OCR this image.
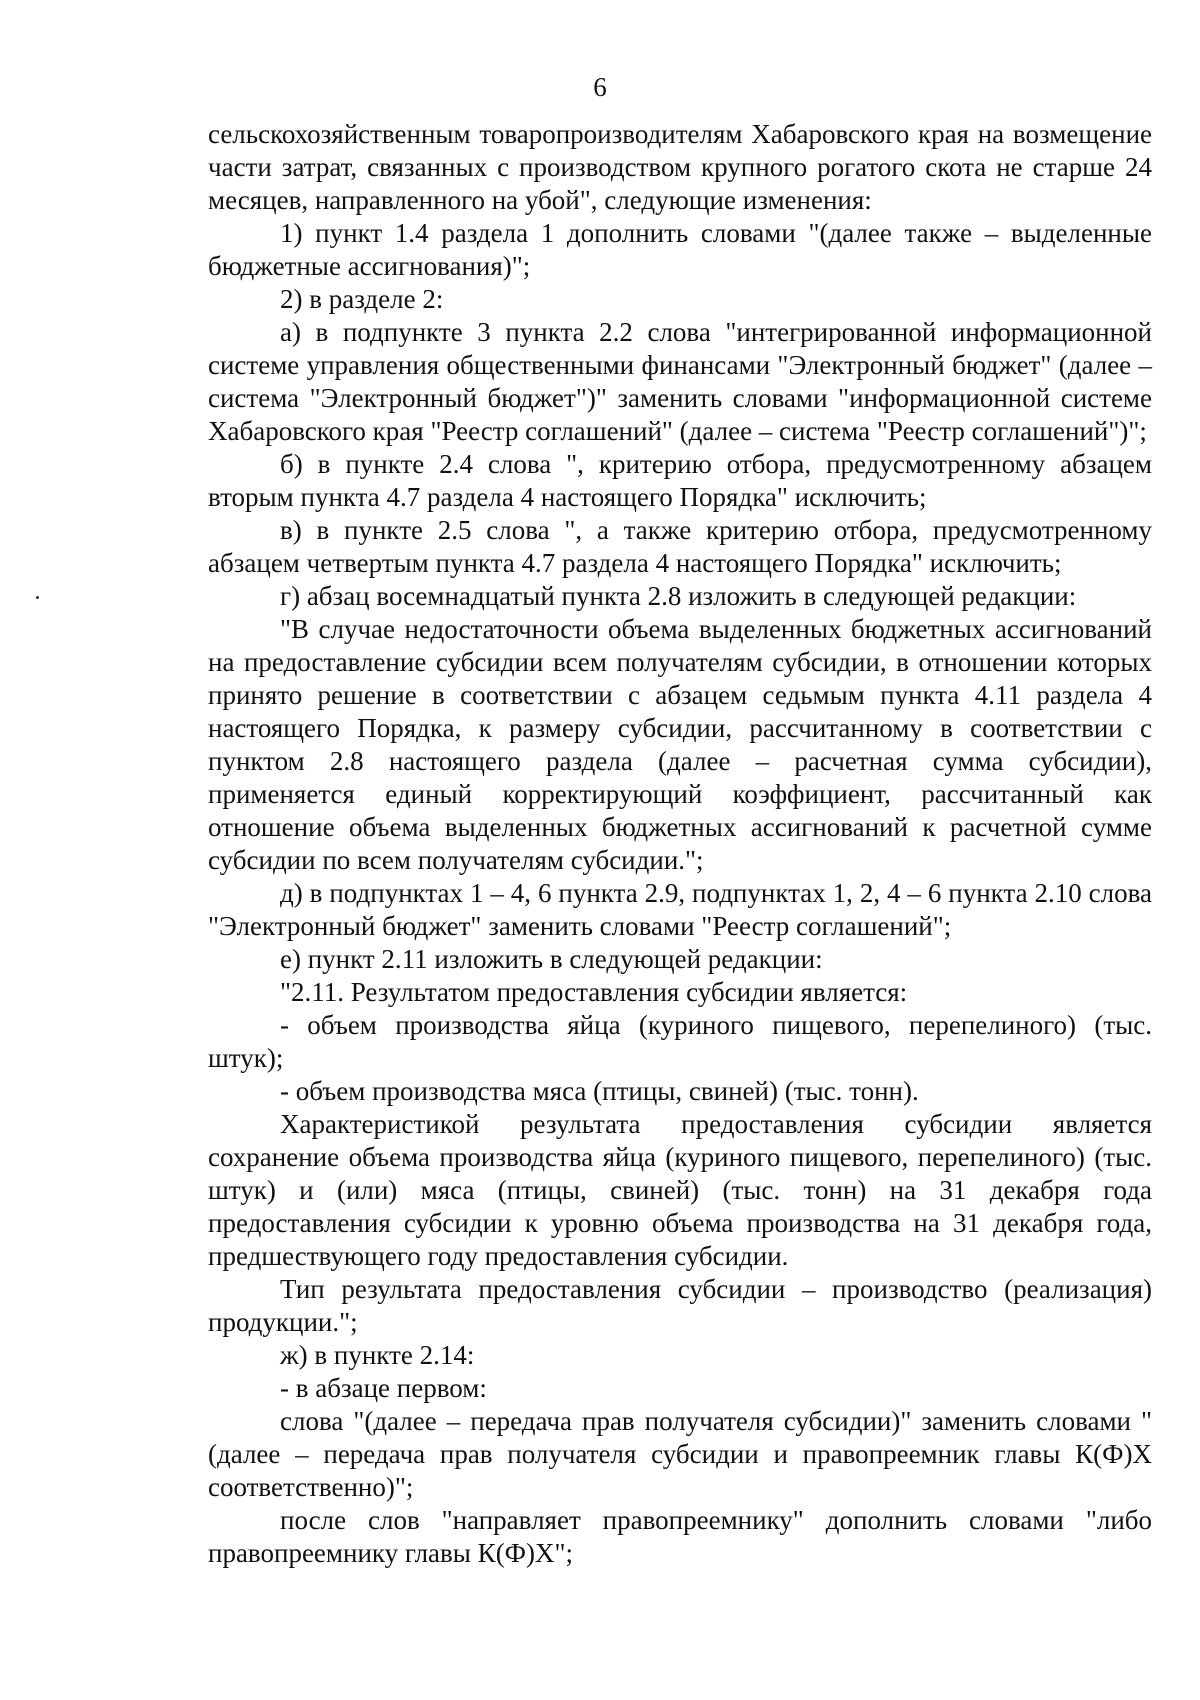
6

сельскохозяйственным товаропроизводителям Хабаровского края на возмещение части затрат, связанных с производством крупного рогатого скота не старше 24 месяцев, направленного на убой", следующие изменения:

1) пункт 1.4 раздела 1 дополнить словами "(далее также – выделенные бюджетные ассигнования)";

2) в разделе 2:

а) в подпункте 3 пункта 2.2 слова "интегрированной информационной системе управления общественными финансами "Электронный бюджет" (далее – система "Электронный бюджет")" заменить словами "информационной системе Хабаровского края "Реестр соглашений" (далее – система "Реестр соглашений")";

б) в пункте 2.4 слова ", критерию отбора, предусмотренному абзацем вторым пункта 4.7 раздела 4 настоящего Порядка" исключить;

в) в пункте 2.5 слова ", а также критерию отбора, предусмотренному абзацем четвертым пункта 4.7 раздела 4 настоящего Порядка" исключить;

г) абзац восемнадцатый пункта 2.8 изложить в следующей редакции:

"В случае недостаточности объема выделенных бюджетных ассигнований на предоставление субсидии всем получателям субсидии, в отношении которых принято решение в соответствии с абзацем седьмым пункта 4.11 раздела 4 настоящего Порядка, к размеру субсидии, рассчитанному в соответствии с пунктом 2.8 настоящего раздела (далее – расчетная сумма субсидии), применяется единый корректирующий коэффициент, рассчитанный как отношение объема выделенных бюджетных ассигнований к расчетной сумме субсидии по всем получателям субсидии.";

д) в подпунктах 1 – 4, 6 пункта 2.9, подпунктах 1, 2, 4 – 6 пункта 2.10 слова "Электронный бюджет" заменить словами "Реестр соглашений";

е) пункт 2.11 изложить в следующей редакции:

"2.11. Результатом предоставления субсидии является:

- объем производства яйца (куриного пищевого, перепелиного) (тыс. штук);

- объем производства мяса (птицы, свиней) (тыс. тонн).

Характеристикой результата предоставления субсидии является сохранение объема производства яйца (куриного пищевого, перепелиного) (тыс. штук) и (или) мяса (птицы, свиней) (тыс. тонн) на 31 декабря года предоставления субсидии к уровню объема производства на 31 декабря года, предшествующего году предоставления субсидии.

Тип результата предоставления субсидии – производство (реализация) продукции.";

ж) в пункте 2.14:

- в абзаце первом:

слова "(далее – передача прав получателя субсидии)" заменить словами "(далее – передача прав получателя субсидии и правопреемник главы К(Ф)Х соответственно)";

после слов "направляет правопреемнику" дополнить словами "либо правопреемнику главы К(Ф)Х";
